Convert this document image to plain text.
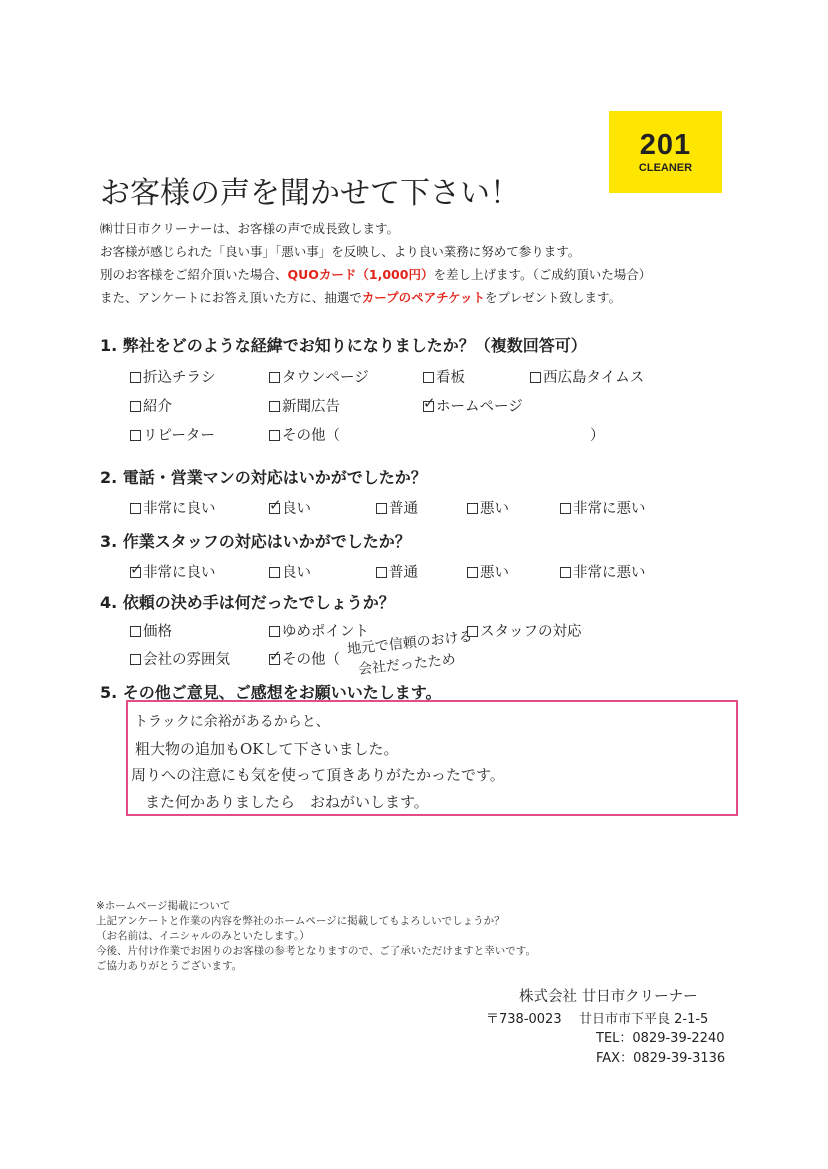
201
CLEANER
お客様の声を聞かせて下さい！
㈱廿日市クリーナーは、お客様の声で成長致します。
お客様が感じられた「良い事」「悪い事」を反映し、より良い業務に努めて参ります。
別のお客様をご紹介頂いた場合、QUOカード（1,000円）を差し上げます。（ご成約頂いた場合）
また、アンケートにお答え頂いた方に、抽選でカープのペアチケットをプレゼント致します。
1. 弊社をどのような経緯でお知りになりましたか？（複数回答可）
折込チラシ	タウンページ	看板	西広島タイムス
紹介	新聞広告 ✓	ホームページ
リピーター	その他（	）
2. 電話・営業マンの対応はいかがでしたか？
非常に良い ✓	良い	普通	悪い	非常に悪い
3. 作業スタッフの対応はいかがでしたか？
✓非常に良い	良い	普通	悪い	非常に悪い
4. 依頼の決め手は何だったでしょうか？
価格	ゆめポイント	スタッフの対応
会社の雰囲気 ✓	その他（
地元で信頼のおける
会社だったため
5. その他ご意見、ご感想をお願いいたします。
トラックに余裕があるからと、
粗大物の追加もOKして下さいました。
周りへの注意にも気を使って頂きありがたかったです。
また何かありましたら　おねがいします。
※ホームページ掲載について
上記アンケートと作業の内容を弊社のホームページに掲載してもよろしいでしょうか？
（お名前は、イニシャルのみといたします。）
今後、片付け作業でお困りのお客様の参考となりますので、ご了承いただけますと幸いです。
ご協力ありがとうございます。
株式会社 廿日市クリーナー
〒738-0023 廿日市市下平良 2-1-5
TEL：0829-39-2240
FAX：0829-39-3136
